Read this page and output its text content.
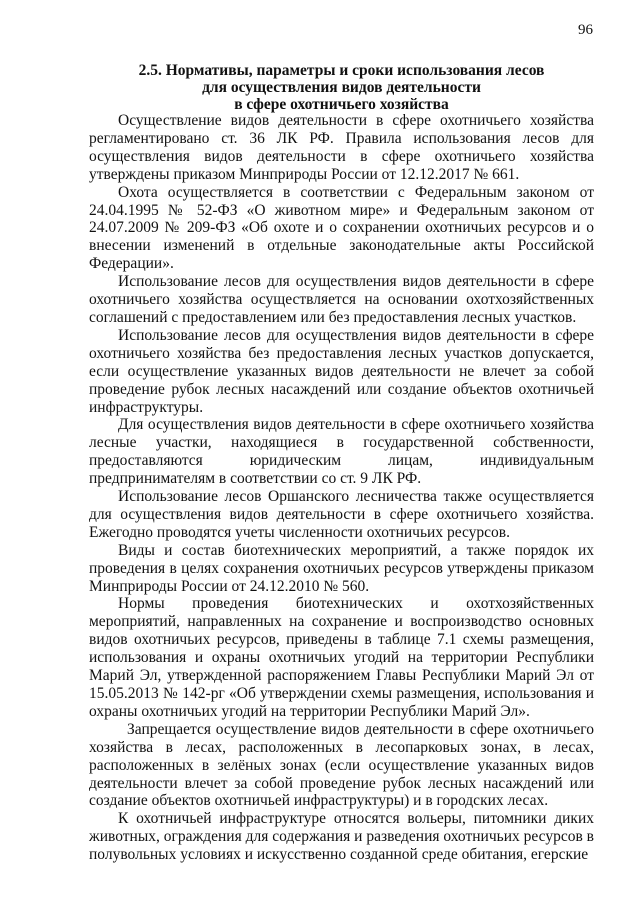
96
2.5. Нормативы, параметры и сроки использования лесов
для осуществления видов деятельности
в сфере охотничьего хозяйства

Осуществление видов деятельности в сфере охотничьего хозяйства регламентировано ст. 36 ЛК РФ. Правила использования лесов для осуществления видов деятельности в сфере охотничьего хозяйства утверждены приказом Минприроды России от 12.12.2017 № 661.

Охота осуществляется в соответствии с Федеральным законом от 24.04.1995 № 52-ФЗ «О животном мире» и Федеральным законом от 24.07.2009 № 209-ФЗ «Об охоте и о сохранении охотничьих ресурсов и о внесении изменений в отдельные законодательные акты Российской Федерации».

Использование лесов для осуществления видов деятельности в сфере охотничьего хозяйства осуществляется на основании охотхозяйственных соглашений с предоставлением или без предоставления лесных участков.

Использование лесов для осуществления видов деятельности в сфере охотничьего хозяйства без предоставления лесных участков допускается, если осуществление указанных видов деятельности не влечет за собой проведение рубок лесных насаждений или создание объектов охотничьей инфраструктуры.

Для осуществления видов деятельности в сфере охотничьего хозяйства лесные участки, находящиеся в государственной собственности, предоставляются юридическим лицам, индивидуальным предпринимателям в соответствии со ст. 9 ЛК РФ.

Использование лесов Оршанского лесничества также осуществляется для осуществления видов деятельности в сфере охотничьего хозяйства. Ежегодно проводятся учеты численности охотничьих ресурсов.

Виды и состав биотехнических мероприятий, а также порядок их проведения в целях сохранения охотничьих ресурсов утверждены приказом Минприроды России от 24.12.2010 № 560.

Нормы проведения биотехнических и охотхозяйственных мероприятий, направленных на сохранение и воспроизводство основных видов охотничьих ресурсов, приведены в таблице 7.1 схемы размещения, использования и охраны охотничьих угодий на территории Республики Марий Эл, утвержденной распоряжением Главы Республики Марий Эл от 15.05.2013 № 142-рг «Об утверждении схемы размещения, использования и охраны охотничьих угодий на территории Республики Марий Эл».

Запрещается осуществление видов деятельности в сфере охотничьего хозяйства в лесах, расположенных в лесопарковых зонах, в лесах, расположенных в зелёных зонах (если осуществление указанных видов деятельности влечет за собой проведение рубок лесных насаждений или создание объектов охотничьей инфраструктуры) и в городских лесах.

К охотничьей инфраструктуре относятся вольеры, питомники диких животных, ограждения для содержания и разведения охотничьих ресурсов в полувольных условиях и искусственно созданной среде обитания, егерские
